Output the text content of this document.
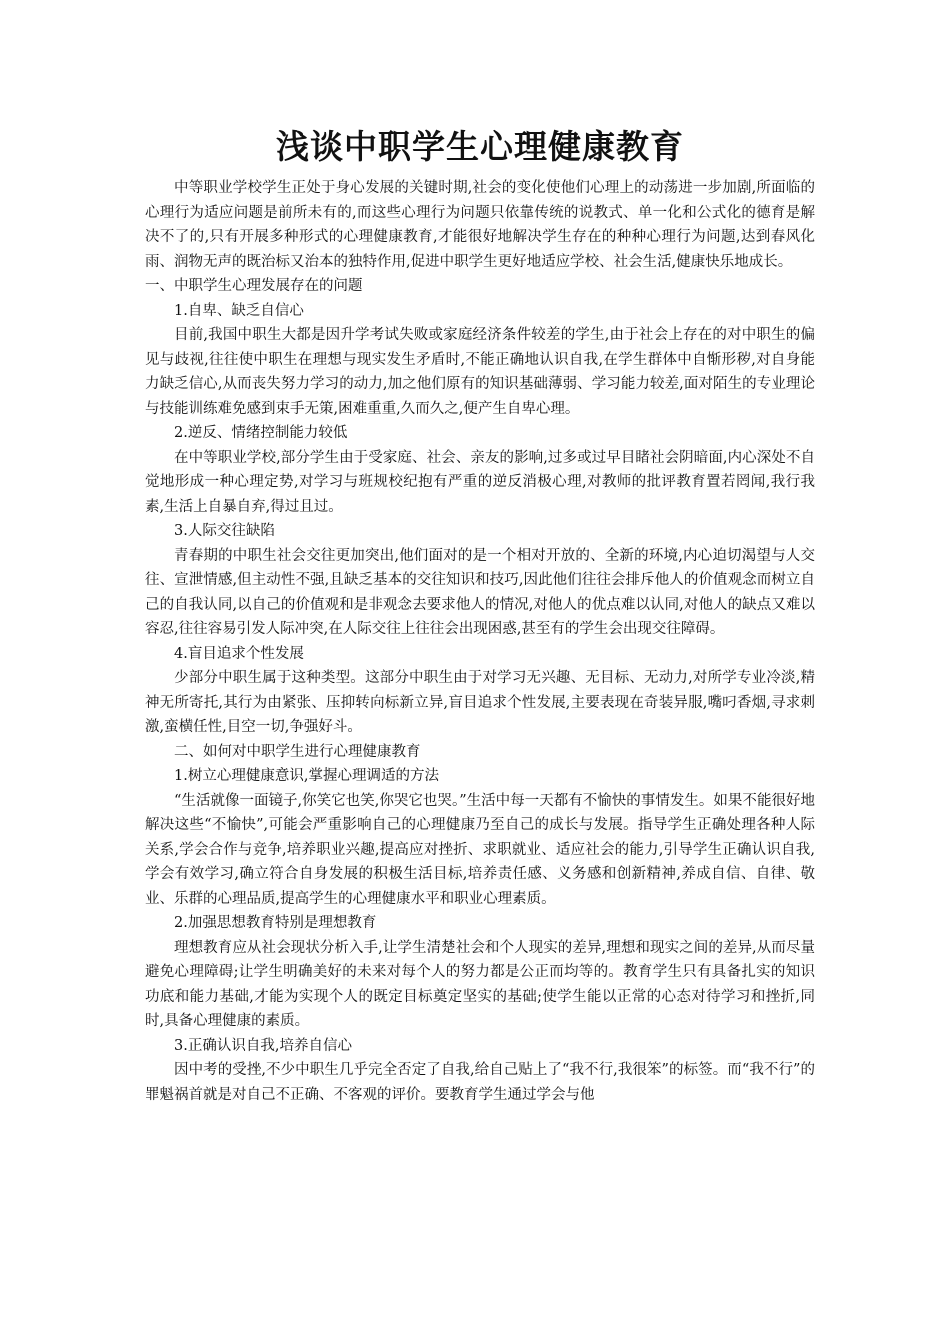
浅谈中职学生心理健康教育

中等职业学校学生正处于身心发展的关键时期,社会的变化使他们心理上的动荡进一步加剧,所面临的心理行为适应问题是前所未有的,而这些心理行为问题只依靠传统的说教式、单一化和公式化的德育是解决不了的,只有开展多种形式的心理健康教育,才能很好地解决学生存在的种种心理行为问题,达到春风化雨、润物无声的既治标又治本的独特作用,促进中职学生更好地适应学校、社会生活,健康快乐地成长。

一、中职学生心理发展存在的问题

1.自卑、缺乏自信心

目前,我国中职生大都是因升学考试失败或家庭经济条件较差的学生,由于社会上存在的对中职生的偏见与歧视,往往使中职生在理想与现实发生矛盾时,不能正确地认识自我,在学生群体中自惭形秽,对自身能力缺乏信心,从而丧失努力学习的动力,加之他们原有的知识基础薄弱、学习能力较差,面对陌生的专业理论与技能训练难免感到束手无策,困难重重,久而久之,便产生自卑心理。

2.逆反、情绪控制能力较低

在中等职业学校,部分学生由于受家庭、社会、亲友的影响,过多或过早目睹社会阴暗面,内心深处不自觉地形成一种心理定势,对学习与班规校纪抱有严重的逆反消极心理,对教师的批评教育置若罔闻,我行我素,生活上自暴自弃,得过且过。

3.人际交往缺陷

青春期的中职生社会交往更加突出,他们面对的是一个相对开放的、全新的环境,内心迫切渴望与人交往、宣泄情感,但主动性不强,且缺乏基本的交往知识和技巧,因此他们往往会排斥他人的价值观念而树立自己的自我认同,以自己的价值观和是非观念去要求他人的情况,对他人的优点难以认同,对他人的缺点又难以容忍,往往容易引发人际冲突,在人际交往上往往会出现困惑,甚至有的学生会出现交往障碍。

4.盲目追求个性发展

少部分中职生属于这种类型。这部分中职生由于对学习无兴趣、无目标、无动力,对所学专业冷淡,精神无所寄托,其行为由紧张、压抑转向标新立异,盲目追求个性发展,主要表现在奇装异服,嘴叼香烟,寻求刺激,蛮横任性,目空一切,争强好斗。

二、如何对中职学生进行心理健康教育

1.树立心理健康意识,掌握心理调适的方法

“生活就像一面镜子,你笑它也笑,你哭它也哭。”生活中每一天都有不愉快的事情发生。如果不能很好地解决这些“不愉快”,可能会严重影响自己的心理健康乃至自己的成长与发展。指导学生正确处理各种人际关系,学会合作与竞争,培养职业兴趣,提高应对挫折、求职就业、适应社会的能力,引导学生正确认识自我,学会有效学习,确立符合自身发展的积极生活目标,培养责任感、义务感和创新精神,养成自信、自律、敬业、乐群的心理品质,提高学生的心理健康水平和职业心理素质。

2.加强思想教育特别是理想教育

理想教育应从社会现状分析入手,让学生清楚社会和个人现实的差异,理想和现实之间的差异,从而尽量避免心理障碍;让学生明确美好的未来对每个人的努力都是公正而均等的。教育学生只有具备扎实的知识功底和能力基础,才能为实现个人的既定目标奠定坚实的基础;使学生能以正常的心态对待学习和挫折,同时,具备心理健康的素质。

3.正确认识自我,培养自信心

因中考的受挫,不少中职生几乎完全否定了自我,给自己贴上了“我不行,我很笨”的标签。而“我不行”的罪魁祸首就是对自己不正确、不客观的评价。要教育学生通过学会与他
